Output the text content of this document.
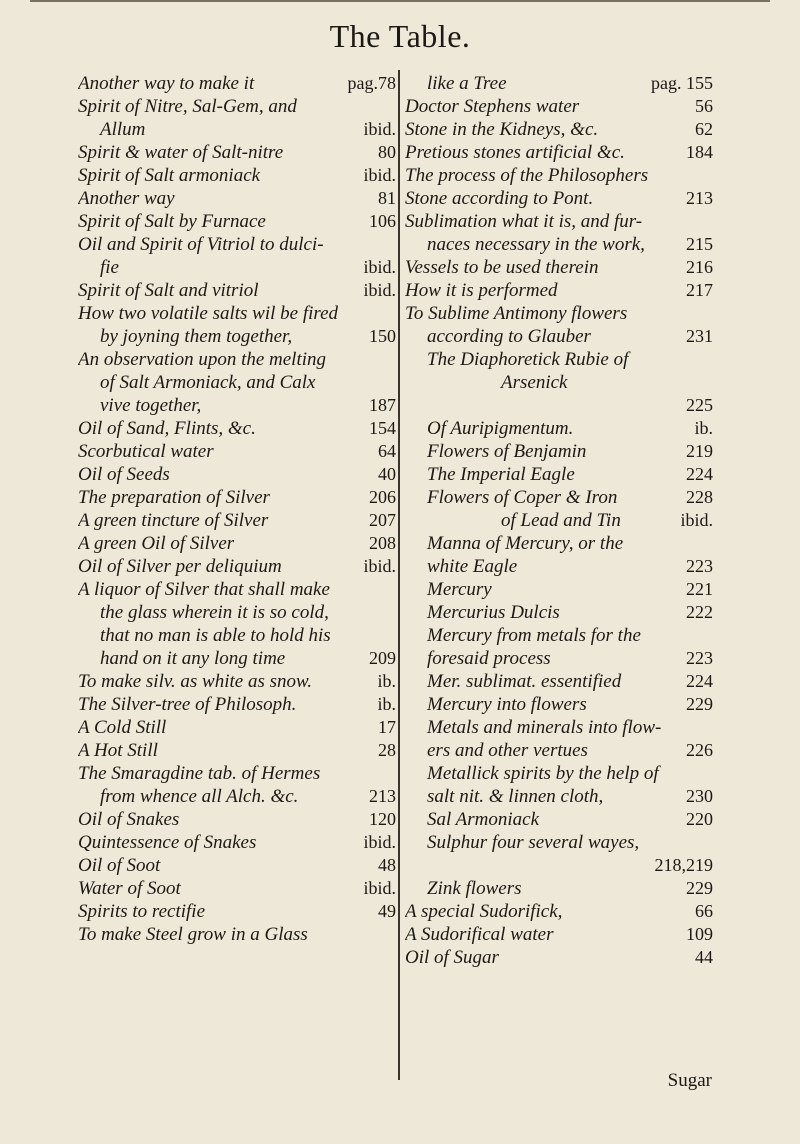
The Table.
Another way to make it	pag.78
Spirit of Nitre, Sal-Gem, and
Allum	ibid.
Spirit & water of Salt-nitre	80
Spirit of Salt armoniack	ibid.
Another way	81
Spirit of Salt by Furnace	106
Oil and Spirit of Vitriol to dulci-
fie	ibid.
Spirit of Salt and vitriol	ibid.
How two volatile salts wil be fired
by joyning them together,	150
An observation upon the melting
of Salt Armoniack, and Calx
vive together,	187
Oil of Sand, Flints, &c.	154
Scorbutical water	64
Oil of Seeds	40
The preparation of Silver	206
A green tincture of Silver	207
A green Oil of Silver	208
Oil of Silver per deliquium	ibid.
A liquor of Silver that shall make
the glass wherein it is so cold,
that no man is able to hold his
hand on it any long time	209
To make silv. as white as snow.	ib.
The Silver-tree of Philosoph.	ib.
A Cold Still	17
A Hot Still	28
The Smaragdine tab. of Hermes
from whence all Alch. &c.	213
Oil of Snakes	120
Quintessence of Snakes	ibid.
Oil of Soot	48
Water of Soot	ibid.
Spirits to rectifie	49
To make Steel grow in a Glass
like a Tree	pag. 155
Doctor Stephens water	56
Stone in the Kidneys, &c.	62
Pretious stones artificial &c.	184
The process of the Philosophers
Stone according to Pont.	213
Sublimation what it is, and fur-
naces necessary in the work, 215
Vessels to be used therein	216
How it is performed	217
To Sublime Antimony flowers
according to Glauber	231
The Diaphoretick Rubie of
Arsenick
225
Of Auripigmentum.	ib.
Flowers of Benjamin	219
The Imperial Eagle	224
Flowers of Coper & Iron	228
of Lead and Tin	ibid.
Manna of Mercury, or the
white Eagle	223
Mercury	221
Mercurius Dulcis	222
Mercury from metals for the
foresaid process	223
Mer. sublimat. essentified	224
Mercury into flowers	229
Metals and minerals into flow-
ers and other vertues	226
Metallick spirits by the help of
salt nit. & linnen cloth,	230
Sal Armoniack	220
Sulphur four several wayes,
218,219
Zink flowers	229
A special Sudorifick,	66
A Sudorifical water	109
Oil of Sugar	44
Sugar
